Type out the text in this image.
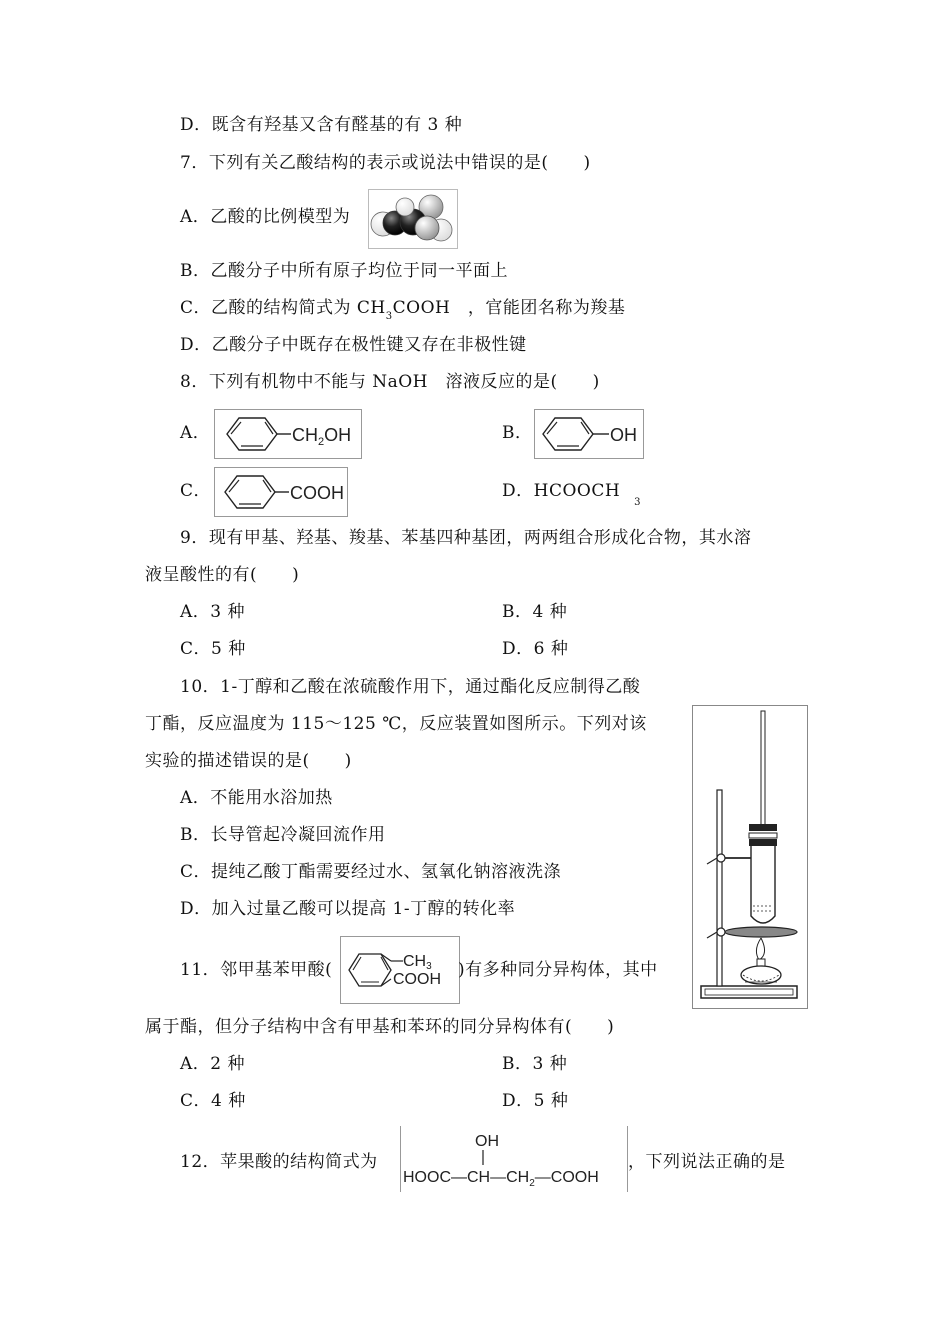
D．既含有羟基又含有醛基的有 3 种
7．下列有关乙酸结构的表示或说法中错误的是(　　)
A．乙酸的比例模型为
B．乙酸分子中所有原子均位于同一平面上
C．乙酸的结构简式为 $CH_3COOH$　，官能团名称为羧基
D．乙酸分子中既存在极性键又存在非极性键
8．下列有机物中不能与 NaOH　溶液反应的是(　　)
A．	$CH_2OH$	B．	OH
C．	COOH	D．$HCOOCH_3$
9．现有甲基、羟基、羧基、苯基四种基团，两两组合形成化合物，其水溶
液呈酸性的有(　　)
A．3 种	B．4 种
C．5 种	D．6 种
10．1-丁醇和乙酸在浓硫酸作用下，通过酯化反应制得乙酸
丁酯，反应温度为 115～125 ℃，反应装置如图所示。下列对该
实验的描述错误的是(　　)
A．不能用水浴加热
B．长导管起冷凝回流作用
C．提纯乙酸丁酯需要经过水、氢氧化钠溶液洗涤
D．加入过量乙酸可以提高 1-丁醇的转化率
11．邻甲基苯甲酸(	CH3
COOH )有多种同分异构体，其中
属于酯，但分子结构中含有甲基和苯环的同分异构体有(　　)
A．2 种	B．3 种
C．4 种	D．5 种
12．苹果酸的结构简式为
OH
$HOOC—CH—CH_2—COOH$
，下列说法正确的是
